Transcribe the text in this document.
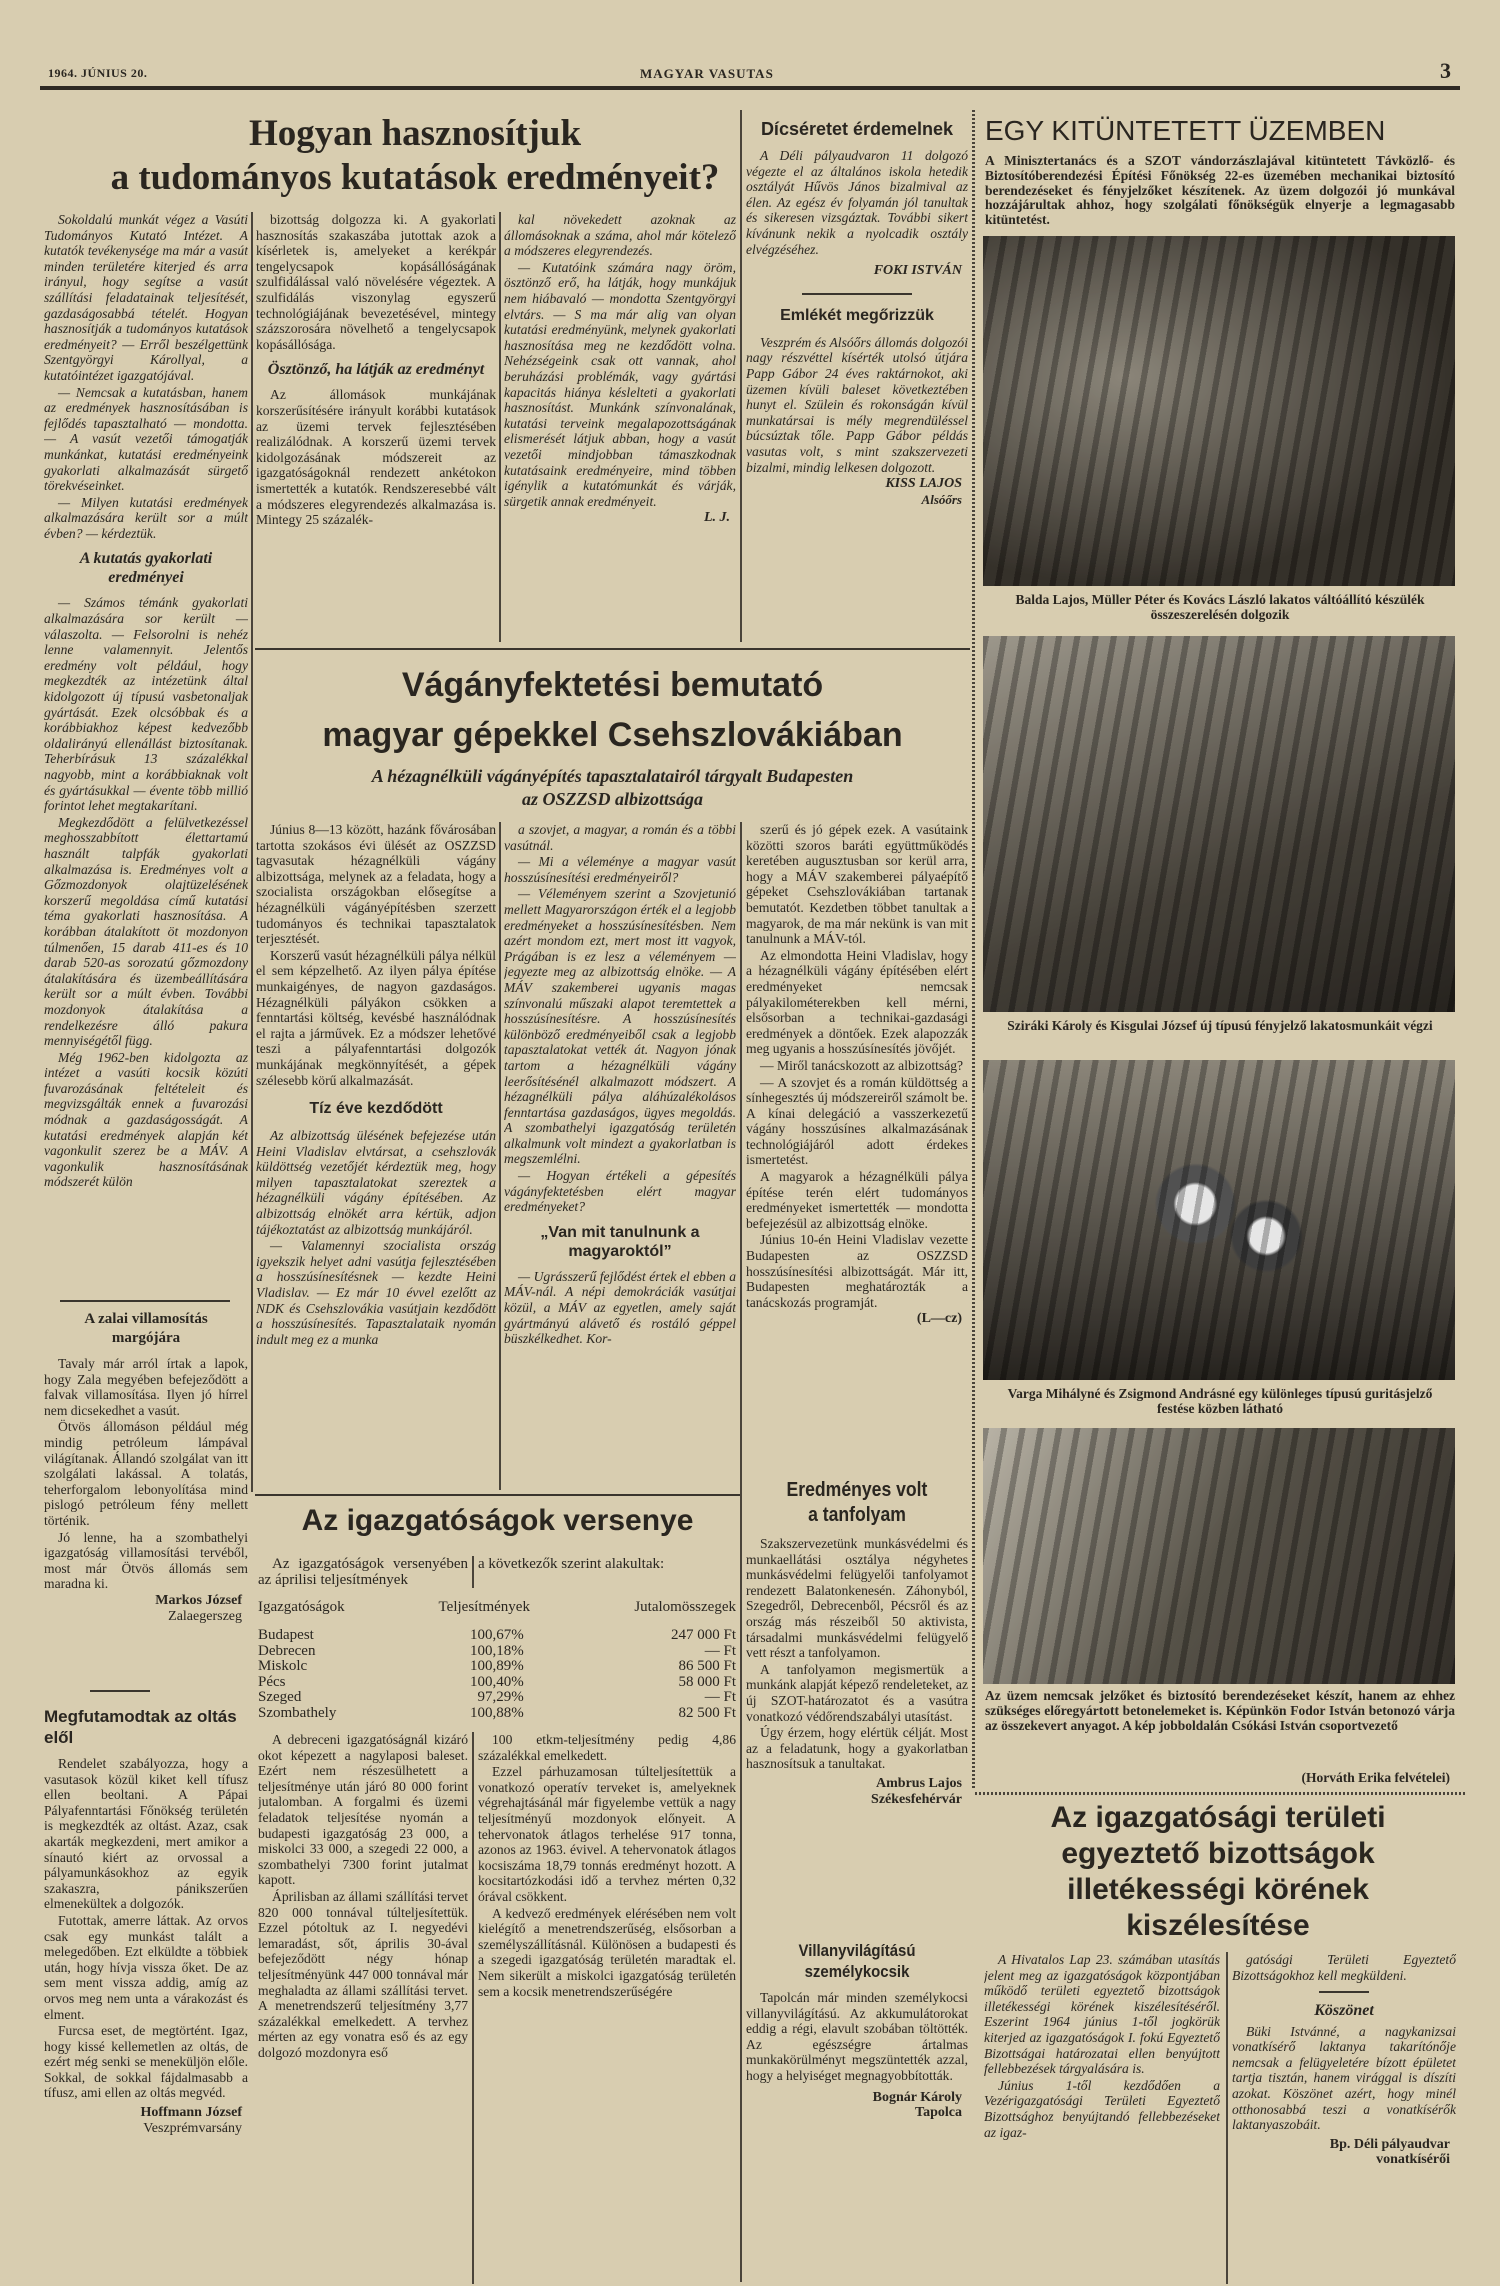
1964. JÚNIUS 20.	MAGYAR VASUTAS	3
Hogyan hasznosítjuk
a tudományos kutatások eredményeit?

Sokoldalú munkát végez a Vasúti Tudományos Kutató Intézet. A kutatók tevékenysége ma már a vasút minden területére kiterjed és arra irányul, hogy segítse a vasút szállítási feladatainak teljesítését, gazdaságosabbá tételét. Hogyan hasznosítják a tudományos kutatások eredményeit? — Erről beszélgettünk Szentgyörgyi Károllyal, a kutatóintézet igazgatójával.

— Nemcsak a kutatásban, hanem az eredmények hasznosításában is fejlődés tapasztalható — mondotta. — A vasút vezetői támogatják munkánkat, kutatási eredményeink gyakorlati alkalmazását sürgető törekvéseinket.

— Milyen kutatási eredmények alkalmazására került sor a múlt évben? — kérdeztük.

A kutatás gyakorlati eredményei

— Számos témánk gyakorlati alkalmazására sor került — válaszolta. — Felsorolni is nehéz lenne valamennyit. Jelentős eredmény volt például, hogy megkezdték az intézetünk által kidolgozott új típusú vasbetonaljak gyártását. Ezek olcsóbbak és a korábbiakhoz képest kedvezőbb oldalirányú ellenállást biztosítanak. Teherbírásuk 13 százalékkal nagyobb, mint a korábbiaknak volt és gyártásukkal — évente több millió forintot lehet megtakarítani.

Megkezdődött a felülvetkezéssel meghosszabbított élettartamú használt talpfák gyakorlati alkalmazása is. Eredményes volt a Gőzmozdonyok olajtüzelésének korszerű megoldása című kutatási téma gyakorlati hasznosítása. A korábban átalakított öt mozdonyon túlmenően, 15 darab 411-es és 10 darab 520-as sorozatú gőzmozdony átalakítására és üzembeállítására került sor a múlt évben. További mozdonyok átalakítása a rendelkezésre álló pakura mennyiségétől függ.

Még 1962-ben kidolgozta az intézet a vasúti kocsik közúti fuvarozásának feltételeit és megvizsgálták ennek a fuvarozási módnak a gazdaságosságát. A kutatási eredmények alapján két vagonkulit szerez be a MÁV. A vagonkulik hasznosításának módszerét külön

bizottság dolgozza ki. A gyakorlati hasznosítás szakaszába jutottak azok a kísérletek is, amelyeket a kerékpár tengelycsapok kopásállóságának szulfidálással való növelésére végeztek. A szulfidálás viszonylag egyszerű technológiájának bevezetésével, mintegy százszorosára növelhető a tengelycsapok kopásállósága.

Ösztönző, ha látják az eredményt

Az állomások munkájának korszerűsítésére irányult korábbi kutatások az üzemi tervek fejlesztésében realizálódnak. A korszerű üzemi tervek kidolgozásának módszereit az igazgatóságoknál rendezett ankétokon ismertették a kutatók. Rendszeresebbé vált a módszeres elegyrendezés alkalmazása is. Mintegy 25 százalék-

kal növekedett azoknak az állomásoknak a száma, ahol már kötelező a módszeres elegyrendezés.

— Kutatóink számára nagy öröm, ösztönző erő, ha látják, hogy munkájuk nem hiábavaló — mondotta Szentgyörgyi elvtárs. — S ma már alig van olyan kutatási eredményünk, melynek gyakorlati hasznosítása meg ne kezdődött volna. Nehézségeink csak ott vannak, ahol beruházási problémák, vagy gyártási kapacitás hiánya késlelteti a gyakorlati hasznosítást. Munkánk színvonalának, kutatási terveink megalapozottságának elismerését látjuk abban, hogy a vasút vezetői mindjobban támaszkodnak kutatásaink eredményeire, mind többen igénylik a kutatómunkát és várják, sürgetik annak eredményeit.

L. J.
Dícséretet érdemelnek

A Déli pályaudvaron 11 dolgozó végezte el az általános iskola hetedik osztályát Hűvös János bizalmival az élen. Az egész év folyamán jól tanultak és sikeresen vizsgáztak. További sikert kívánunk nekik a nyolcadik osztály elvégzéséhez.

FOKI ISTVÁN
Emlékét megőrizzük

Veszprém és Alsóőrs állomás dolgozói nagy részvéttel kísérték utolsó útjára Papp Gábor 24 éves raktárnokot, aki üzemen kívüli baleset következtében hunyt el. Szülein és rokonságán kívül munkatársai is mély megrendüléssel búcsúztak tőle. Papp Gábor példás vasutas volt, s mint szakszervezeti bizalmi, mindig lelkesen dolgozott.

KISS LAJOS
Alsóőrs
A zalai villamosítás
margójára

Tavaly már arról írtak a lapok, hogy Zala megyében befejeződött a falvak villamosítása. Ilyen jó hírrel nem dicsekedhet a vasút.

Ötvös állomáson például még mindig petróleum lámpával világítanak. Állandó szolgálat van itt szolgálati lakással. A tolatás, teherforgalom lebonyolítása mind pislogó petróleum fény mellett történik.

Jó lenne, ha a szombathelyi igazgatóság villamosítási tervéből, most már Ötvös állomás sem maradna ki.

Markos József
Zalaegerszeg
Megfutamodtak az oltás elől

Rendelet szabályozza, hogy a vasutasok közül kiket kell tífusz ellen beoltani. A Pápai Pályafenntartási Főnökség területén is megkezdték az oltást. Azaz, csak akarták megkezdeni, mert amikor a sínautó kiért az orvossal a pályamunkásokhoz az egyik szakaszra, pánikszerűen elmenekültek a dolgozók.

Futottak, amerre láttak. Az orvos csak egy munkást talált a melegedőben. Ezt elküldte a többiek után, hogy hívja vissza őket. De az sem ment vissza addig, amíg az orvos meg nem unta a várakozást és elment.

Furcsa eset, de megtörtént. Igaz, hogy kissé kellemetlen az oltás, de ezért még senki se meneküljön előle. Sokkal, de sokkal fájdalmasabb a tífusz, ami ellen az oltás megvéd.

Hoffmann József
Veszprémvarsány
Vágányfektetési bemutató
magyar gépekkel Csehszlovákiában
A hézagnélküli vágányépítés tapasztalatairól tárgyalt Budapesten
az OSZZSD albizottsága

Június 8—13 között, hazánk fővárosában tartotta szokásos évi ülését az OSZZSD tagvasutak hézagnélküli vágány albizottsága, melynek az a feladata, hogy a szocialista országokban elősegítse a hézagnélküli vágányépítésben szerzett tudományos és technikai tapasztalatok terjesztését.

Korszerű vasút hézagnélküli pálya nélkül el sem képzelhető. Az ilyen pálya építése munkaigényes, de nagyon gazdaságos. Hézagnélküli pályákon csökken a fenntartási költség, kevésbé használódnak el rajta a járművek. Ez a módszer lehetővé teszi a pályafenntartási dolgozók munkájának megkönnyítését, a gépek szélesebb körű alkalmazását.

Tíz éve kezdődött

Az albizottság ülésének befejezése után Heini Vladislav elvtársat, a csehszlovák küldöttség vezetőjét kérdeztük meg, hogy milyen tapasztalatokat szereztek a hézagnélküli vágány építésében. Az albizottság elnökét arra kértük, adjon tájékoztatást az albizottság munkájáról.

— Valamennyi szocialista ország igyekszik helyet adni vasútja fejlesztésében a hosszúsínesítésnek — kezdte Heini Vladislav. — Ez már 10 évvel ezelőtt az NDK és Csehszlovákia vasútjain kezdődött a hosszúsínesítés. Tapasztalataik nyomán indult meg ez a munka

a szovjet, a magyar, a román és a többi vasútnál.

— Mi a véleménye a magyar vasút hosszúsínesítési eredményeiről?

— Véleményem szerint a Szovjetunió mellett Magyarországon érték el a legjobb eredményeket a hosszúsínesítésben. Nem azért mondom ezt, mert most itt vagyok, Prágában is ez lesz a véleményem — jegyezte meg az albizottság elnöke. — A MÁV szakemberei ugyanis magas színvonalú műszaki alapot teremtettek a hosszúsínesítésre. A hosszúsínesítés különböző eredményeiből csak a legjobb tapasztalatokat vették át. Nagyon jónak tartom a hézagnélküli vágány leerősítésénél alkalmazott módszert. A hézagnélküli pálya aláhúzalékolásos fenntartása gazdaságos, ügyes megoldás. A szombathelyi igazgatóság területén alkalmunk volt mindezt a gyakorlatban is megszemlélni.

— Hogyan értékeli a gépesítés vágányfektetésben elért magyar eredményeket?

„Van mit tanulnunk a magyaroktól”

— Ugrásszerű fejlődést értek el ebben a MÁV-nál. A népi demokráciák vasútjai közül, a MÁV az egyetlen, amely saját gyártmányú alávető és rostáló géppel büszkélkedhet. Kor-

szerű és jó gépek ezek. A vasútaink közötti szoros baráti együttműködés keretében augusztusban sor kerül arra, hogy a MÁV szakemberei pályaépítő gépeket Csehszlovákiában tartanak bemutatót. Kezdetben többet tanultak a magyarok, de ma már nekünk is van mit tanulnunk a MÁV-tól.

Az elmondotta Heini Vladislav, hogy a hézagnélküli vágány építésében elért eredményeket nemcsak pályakilométerekben kell mérni, elsősorban a technikai-gazdasági eredmények a döntőek. Ezek alapozzák meg ugyanis a hosszúsínesítés jövőjét.

— Miről tanácskozott az albizottság?

— A szovjet és a román küldöttség a sínhegesztés új módszereiről számolt be. A kínai delegáció a vasszerkezetű vágány hosszúsínes alkalmazásának technológiájáról adott érdekes ismertetést.

A magyarok a hézagnélküli pálya építése terén elért tudományos eredményeket ismertették — mondotta befejezésül az albizottság elnöke.

Június 10-én Heini Vladislav vezette Budapesten az OSZZSD hosszúsínesítési albizottságát. Már itt, Budapesten meghatározták a tanácskozás programját.

(L—cz)
Eredményes volt
a tanfolyam

Szakszervezetünk munkásvédelmi és munkaellátási osztálya négyhetes munkásvédelmi felügyelői tanfolyamot rendezett Balatonkenesén. Záhonyból, Szegedről, Debrecenből, Pécsről és az ország más részeiből 50 aktivista, társadalmi munkásvédelmi felügyelő vett részt a tanfolyamon.

A tanfolyamon megismertük a munkánk alapját képező rendeleteket, az új SZOT-határozatot és a vasútra vonatkozó védőrendszabályi utasítást.

Úgy érzem, hogy elértük célját. Most az a feladatunk, hogy a gyakorlatban hasznosítsuk a tanultakat.

Ambrus Lajos
Székesfehérvár
Villanyvilágítású
személykocsik

Tapolcán már minden személykocsi villanyvilágítású. Az akkumulátorokat eddig a régi, elavult szobában töltötték. Az egészségre ártalmas munkakörülményt megszüntették azzal, hogy a helyiséget megnagyobbították.

Bognár Károly
Tapolca
Az igazgatóságok versenye

Az igazgatóságok versenyében az áprilisi teljesítmények

a következők szerint alakultak:

Igazgatóságok	Teljesítmények	Jutalomösszegek
Budapest	100,67%	247 000 Ft
Debrecen	100,18%	— Ft
Miskolc	100,89%	86 500 Ft
Pécs	100,40%	58 000 Ft
Szeged	97,29%	— Ft
Szombathely	100,88%	82 500 Ft

A debreceni igazgatóságnál kizáró okot képezett a nagylaposi baleset. Ezért nem részesülhetett a teljesítménye után járó 80 000 forint jutalomban. A forgalmi és üzemi feladatok teljesítése nyomán a budapesti igazgatóság 23 000, a miskolci 33 000, a szegedi 22 000, a szombathelyi 7300 forint jutalmat kapott.

Áprilisban az állami szállítási tervet 820 000 tonnával túlteljesítettük. Ezzel pótoltuk az I. negyedévi lemaradást, sőt, április 30-ával befejeződött négy hónap teljesítményünk 447 000 tonnával már meghaladta az állami szállítási tervet. A menetrendszerű teljesítmény 3,77 százalékkal emelkedett. A tervhez mérten az egy vonatra eső és az egy dolgozó mozdonyra eső

100 etkm-teljesítmény pedig 4,86 százalékkal emelkedett.

Ezzel párhuzamosan túlteljesítettük a vonatkozó operatív terveket is, amelyeknek végrehajtásánál már figyelembe vettük a nagy teljesítményű mozdonyok előnyeit. A tehervonatok átlagos terhelése 917 tonna, azonos az 1963. évivel. A tehervonatok átlagos kocsiszáma 18,79 tonnás eredményt hozott. A kocsitartózkodási idő a tervhez mérten 0,32 órával csökkent.

A kedvező eredmények elérésében nem volt kielégítő a menetrendszerűség, elsősorban a személyszállításnál. Különösen a budapesti és a szegedi igazgatóság területén maradtak el. Nem sikerült a miskolci igazgatóság területén sem a kocsik menetrendszerűségére

EGY KITÜNTETETT ÜZEMBEN
A Minisztertanács és a SZOT vándorzászlajával kitüntetett Távközlő- és Biztosítóberendezési Építési Főnökség 22-es üzemében mechanikai biztosító berendezéseket és fényjelzőket készítenek. Az üzem dolgozói jó munkával hozzájárultak ahhoz, hogy szolgálati főnökségük elnyerje a legmagasabb kitüntetést.
Balda Lajos, Müller Péter és Kovács László lakatos váltóállító készülék összeszerelésén dolgozik
Sziráki Károly és Kisgulai József új típusú fényjelző lakatosmunkáit végzi
Varga Mihályné és Zsigmond Andrásné egy különleges típusú guritásjelző festése közben látható
Az üzem nemcsak jelzőket és biztosító berendezéseket készít, hanem az ehhez szükséges előregyártott betonelemeket is. Képünkön Fodor István betonozó várja az összekevert anyagot. A kép jobboldalán Csókási István csoportvezető
(Horváth Erika felvételei)
Az igazgatósági területi egyeztető bizottságok
illetékességi körének kiszélesítése

A Hivatalos Lap 23. számában utasítás jelent meg az igazgatóságok központjában működő területi egyeztető bizottságok illetékességi körének kiszélesítéséről. Eszerint 1964 június 1-től jogkörük kiterjed az igazgatóságok I. fokú Egyeztető Bizottságai határozatai ellen benyújtott fellebbezések tárgyalására is.

Június 1-től kezdődően a Vezérigazgatósági Területi Egyeztető Bizottsághoz benyújtandó fellebbezéseket az igaz-

gatósági Területi Egyeztető Bizottságokhoz kell megküldeni.

Köszönet

Büki Istvánné, a nagykanizsai vonatkísérő laktanya takarítónője nemcsak a felügyeletére bízott épületet tartja tisztán, hanem virággal is díszíti azokat. Köszönet azért, hogy minél otthonosabbá teszi a vonatkísérők laktanyaszobáit.

Bp. Déli pályaudvar
vonatkísérői
